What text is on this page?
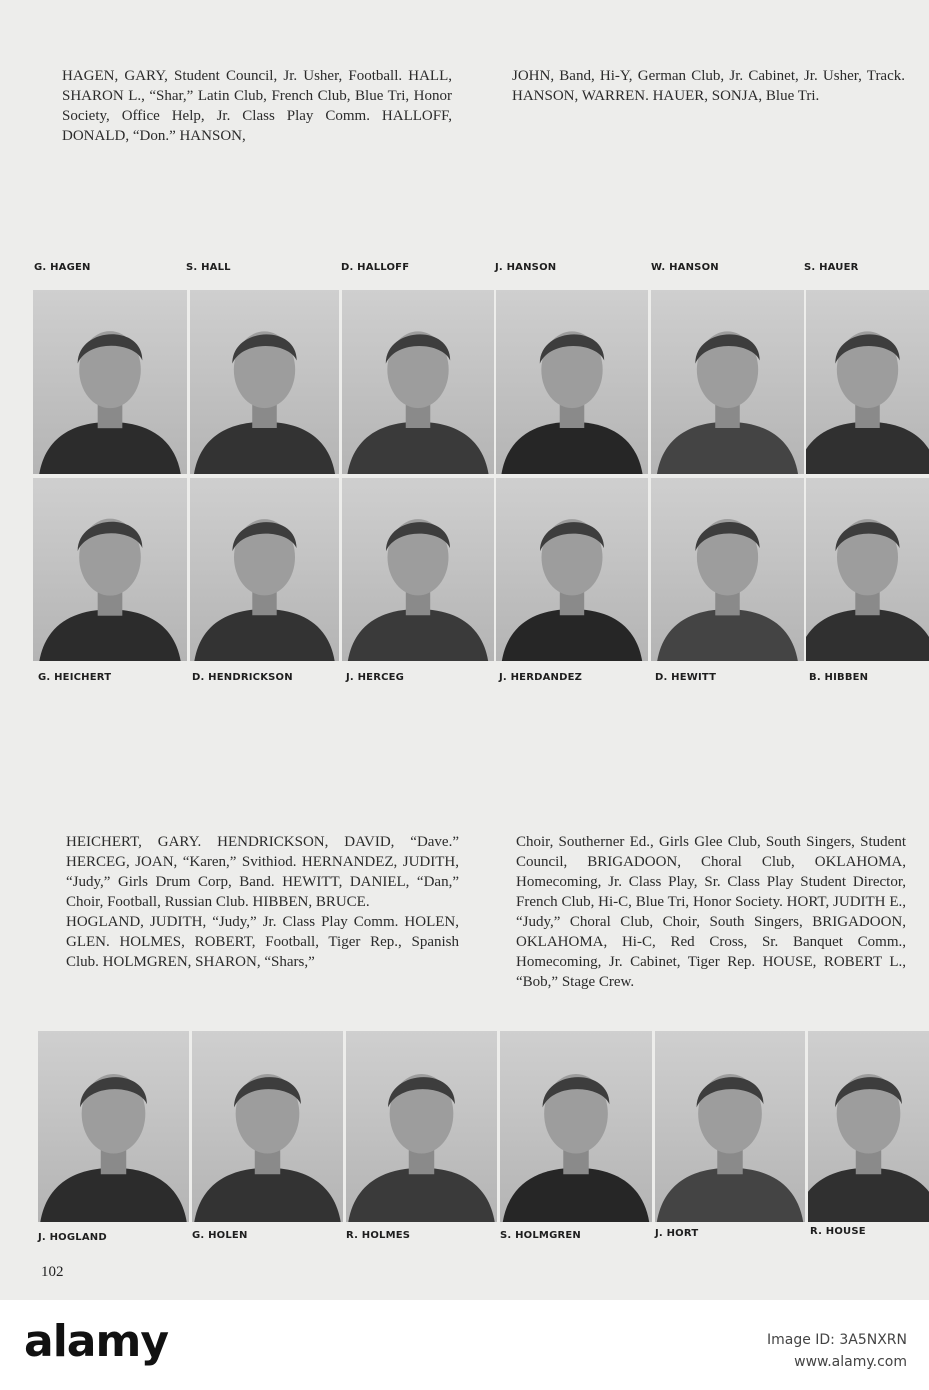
HAGEN, GARY, Student Council, Jr. Usher, Football. HALL, SHARON L., “Shar,” Latin Club, French Club, Blue Tri, Honor Society, Office Help, Jr. Class Play Comm. HALLOFF, DONALD, “Don.” HANSON,
JOHN, Band, Hi-Y, German Club, Jr. Cabinet, Jr. Usher, Track. HANSON, WARREN. HAUER, SONJA, Blue Tri.
G. HAGEN	S. HALL	D. HALLOFF	J. HANSON	W. HANSON	S. HAUER
G. HEICHERT	D. HENDRICKSON	J. HERCEG	J. HERDANDEZ	D. HEWITT	B. HIBBEN

HEICHERT, GARY. HENDRICKSON, DAVID, “Dave.” HERCEG, JOAN, “Karen,” Svithiod. HERNANDEZ, JUDITH, “Judy,” Girls Drum Corp, Band. HEWITT, DANIEL, “Dan,” Choir, Football, Russian Club. HIBBEN, BRUCE.

HOGLAND, JUDITH, “Judy,” Jr. Class Play Comm. HOLEN, GLEN. HOLMES, ROBERT, Football, Tiger Rep., Spanish Club. HOLMGREN, SHARON, “Shars,”

Choir, Southerner Ed., Girls Glee Club, South Singers, Student Council, BRIGADOON, Choral Club, OKLAHOMA, Homecoming, Jr. Class Play, Sr. Class Play Student Director, French Club, Hi-C, Blue Tri, Honor Society. HORT, JUDITH E., “Judy,” Choral Club, Choir, South Singers, BRIGADOON, OKLAHOMA, Hi-C, Red Cross, Sr. Banquet Comm., Homecoming, Jr. Cabinet, Tiger Rep. HOUSE, ROBERT L., “Bob,” Stage Crew.
J. HOGLAND	G. HOLEN	R. HOLMES	S. HOLMGREN	J. HORT	R. HOUSE
102
alamy	Image ID: 3A5NXRN
www.alamy.com
